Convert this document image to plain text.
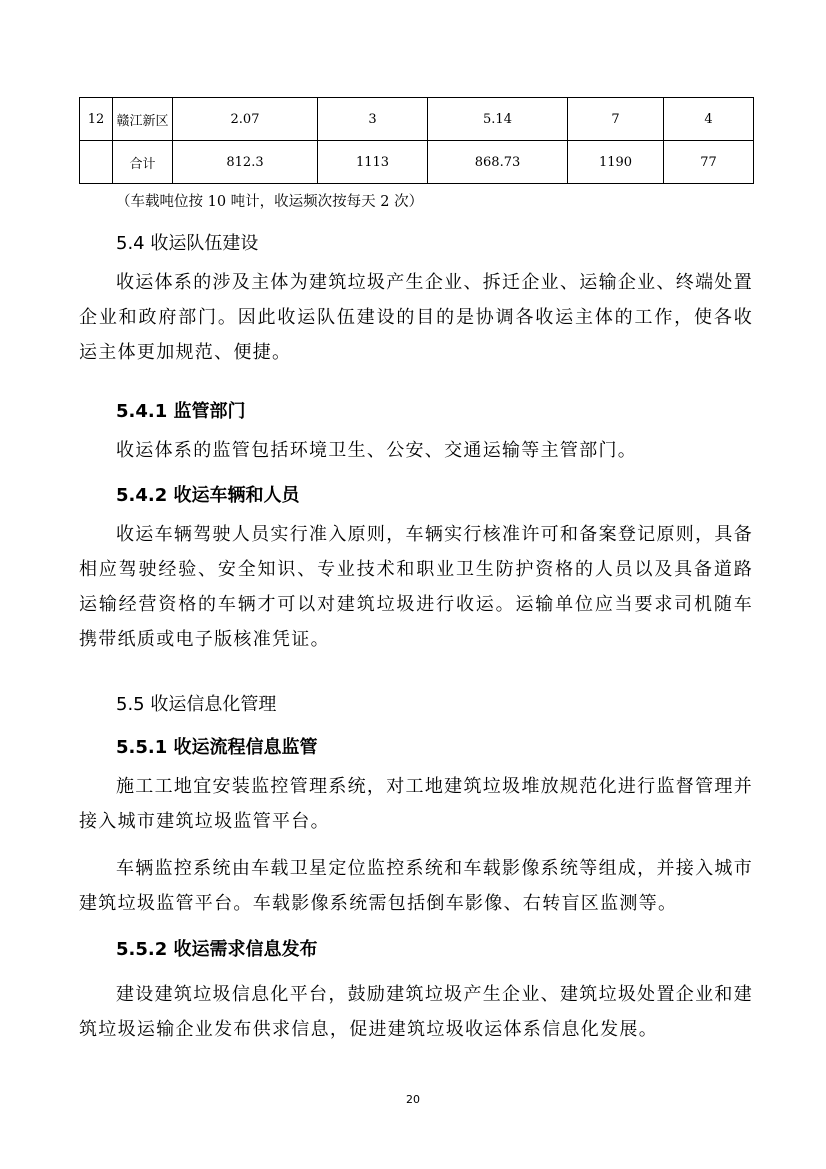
12	赣江新区	2.07	3	5.14	7	4
	合计	812.3	1113	868.73	1190	77
（车载吨位按 10 吨计，收运频次按每天 2 次）
5.4 收运队伍建设

收运体系的涉及主体为建筑垃圾产生企业、拆迁企业、运输企业、终端处置企业和政府部门。因此收运队伍建设的目的是协调各收运主体的工作，使各收运主体更加规范、便捷。

5.4.1 监管部门

收运体系的监管包括环境卫生、公安、交通运输等主管部门。

5.4.2 收运车辆和人员

收运车辆驾驶人员实行准入原则，车辆实行核准许可和备案登记原则，具备相应驾驶经验、安全知识、专业技术和职业卫生防护资格的人员以及具备道路运输经营资格的车辆才可以对建筑垃圾进行收运。运输单位应当要求司机随车携带纸质或电子版核准凭证。

5.5 收运信息化管理
5.5.1 收运流程信息监管

施工工地宜安装监控管理系统，对工地建筑垃圾堆放规范化进行监督管理并接入城市建筑垃圾监管平台。

车辆监控系统由车载卫星定位监控系统和车载影像系统等组成，并接入城市建筑垃圾监管平台。车载影像系统需包括倒车影像、右转盲区监测等。

5.5.2 收运需求信息发布

建设建筑垃圾信息化平台，鼓励建筑垃圾产生企业、建筑垃圾处置企业和建筑垃圾运输企业发布供求信息，促进建筑垃圾收运体系信息化发展。

20
